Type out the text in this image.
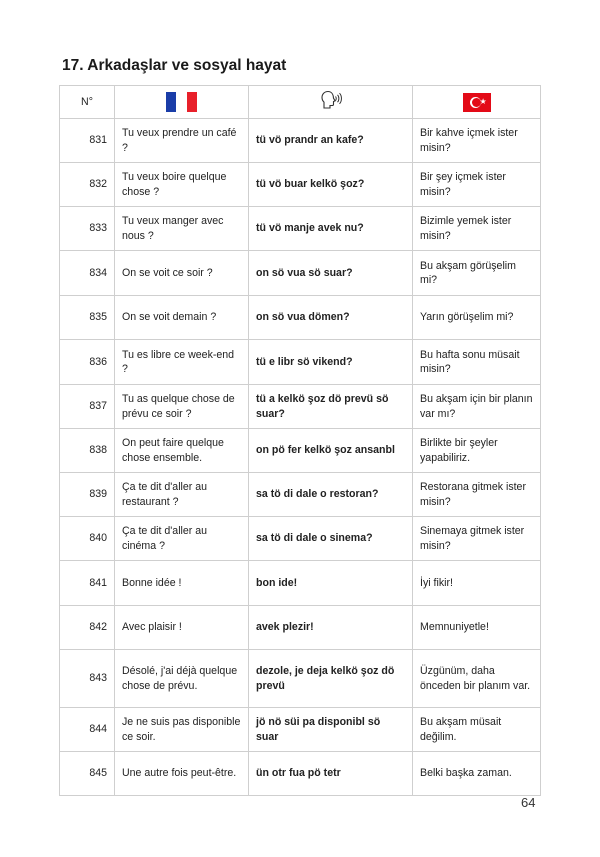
17. Arkadaşlar ve sosyal hayat
N°			★

831	Tu veux prendre un café ?	tü vö prandr an kafe?	Bir kahve içmek ister misin?
832	Tu veux boire quelque chose ?	tü vö buar kelkö şoz?	Bir şey içmek ister misin?
833	Tu veux manger avec nous ?	tü vö manje avek nu?	Bizimle yemek ister misin?
834	On se voit ce soir ?	on sö vua sö suar?	Bu akşam görüşelim mi?
835	On se voit demain ?	on sö vua dömen?	Yarın görüşelim mi?
836	Tu es libre ce week-end ?	tü e libr sö vikend?	Bu hafta sonu müsait misin?
837	Tu as quelque chose de prévu ce soir ?	tü a kelkö şoz dö prevü sö suar?	Bu akşam için bir planın var mı?
838	On peut faire quelque chose ensemble.	on pö fer kelkö şoz ansanbl	Birlikte bir şeyler yapabiliriz.
839	Ça te dit d'aller au restaurant ?	sa tö di dale o restoran?	Restorana gitmek ister misin?
840	Ça te dit d'aller au cinéma ?	sa tö di dale o sinema?	Sinemaya gitmek ister misin?
841	Bonne idée !	bon ide!	İyi fikir!
842	Avec plaisir !	avek plezir!	Memnuniyetle!
843	Désolé, j'ai déjà quelque chose de prévu.	dezole, je deja kelkö şoz dö prevü	Üzgünüm, daha önceden bir planım var.
844	Je ne suis pas disponible ce soir.	jö nö süi pa disponibl sö suar	Bu akşam müsait değilim.
845	Une autre fois peut-être.	ün otr fua pö tetr	Belki başka zaman.
64
